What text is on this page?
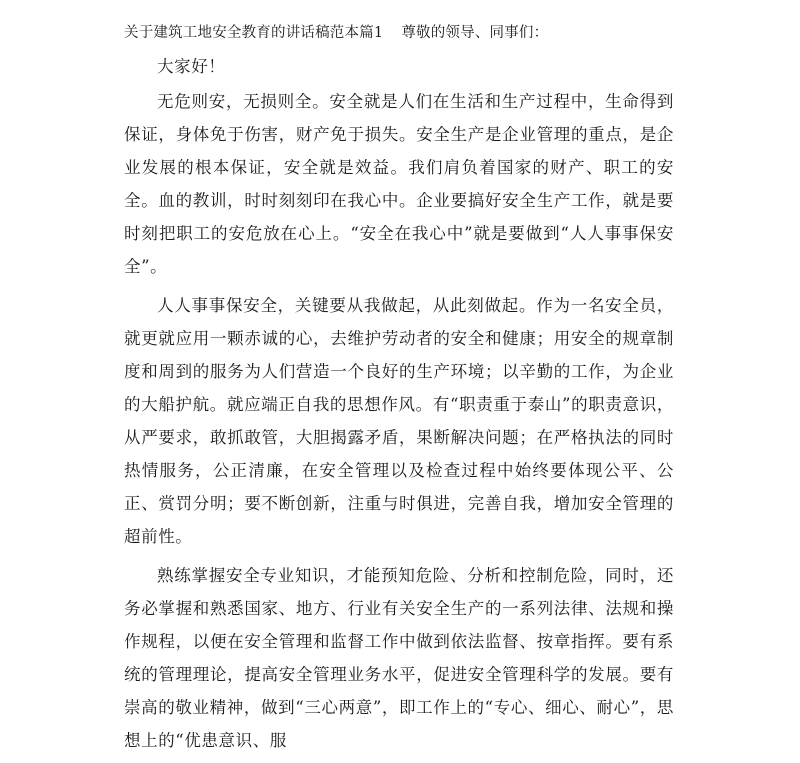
关于建筑工地安全教育的讲话稿范本篇1 尊敬的领导、同事们：
大家好！

无危则安，无损则全。安全就是人们在生活和生产过程中，生命得到保证，身体免于伤害，财产免于损失。安全生产是企业管理的重点，是企业发展的根本保证，安全就是效益。我们肩负着国家的财产、职工的安全。血的教训，时时刻刻印在我心中。企业要搞好安全生产工作，就是要时刻把职工的安危放在心上。“安全在我心中”就是要做到“人人事事保安全”。

人人事事保安全，关键要从我做起，从此刻做起。作为一名安全员，就更就应用一颗赤诚的心，去维护劳动者的安全和健康；用安全的规章制度和周到的服务为人们营造一个良好的生产环境；以辛勤的工作，为企业的大船护航。就应端正自我的思想作风。有“职责重于泰山”的职责意识，从严要求，敢抓敢管，大胆揭露矛盾，果断解决问题；在严格执法的同时热情服务，公正清廉，在安全管理以及检查过程中始终要体现公平、公正、赏罚分明；要不断创新，注重与时俱进，完善自我，增加安全管理的超前性。

熟练掌握安全专业知识，才能预知危险、分析和控制危险，同时，还务必掌握和熟悉国家、地方、行业有关安全生产的一系列法律、法规和操作规程，以便在安全管理和监督工作中做到依法监督、按章指挥。要有系统的管理理论，提高安全管理业务水平，促进安全管理科学的发展。要有崇高的敬业精神，做到“三心两意”，即工作上的“专心、细心、耐心”，思想上的“优患意识、服
